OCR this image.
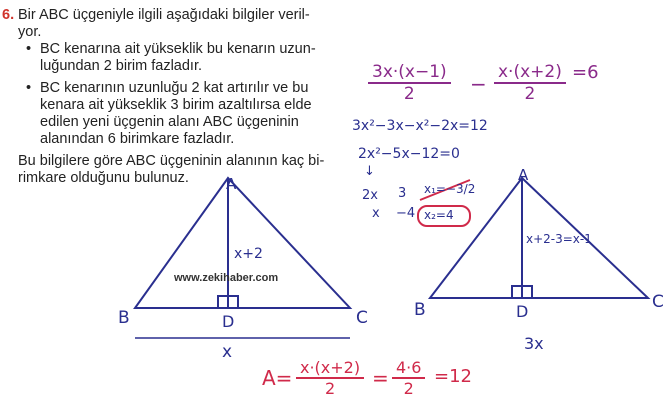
6. Bir ABC üçgeniyle ilgili aşağıdaki bilgiler veril-
yor.
• BC kenarına ait yükseklik bu kenarın uzun-
luğundan 2 birim fazladır.
• BC kenarının uzunluğu 2 kat artırılır ve bu
kenara ait yükseklik 3 birim azaltılırsa elde
edilen yeni üçgenin alanı ABC üçgeninin
alanından 6 birimkare fazladır.
Bu bilgilere göre ABC üçgeninin alanının kaç bi-
rimkare olduğunu bulunuz. A
B	D	C
x+2
x
www.zekihaber.com
A
B	D	C
x+2-3=x-1
3x
$\frac{3x\cdot(x-1)}{2} - \frac{x\cdot(x+2)}{2} =6$
3x²−3x−x²−2x=12
2x²−5x−12=0
↓
2x
x
3
−4
x₁=−3/2
x₂=4
$A= \frac{x\cdot(x+2)}{2} = \frac{4\cdot 6}{2} =12$
